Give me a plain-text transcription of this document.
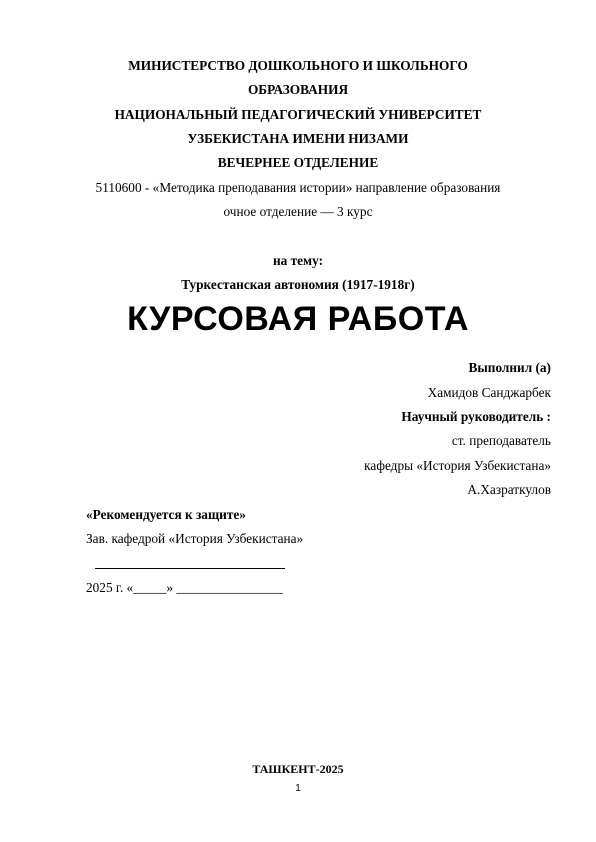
МИНИСТЕРСТВО ДОШКОЛЬНОГО И ШКОЛЬНОГО
ОБРАЗОВАНИЯ
НАЦИОНАЛЬНЫЙ ПЕДАГОГИЧЕСКИЙ УНИВЕРСИТЕТ
УЗБЕКИСТАНА ИМЕНИ НИЗАМИ
ВЕЧЕРНЕЕ ОТДЕЛЕНИЕ
5110600 - «Методика преподавания истории» направление образования
очное отделение — 3 курс
на тему:
Туркестанская автономия (1917-1918г)
КУРСОВАЯ РАБОТА
Выполнил (а)
Хамидов Санджарбек
Научный руководитель :
ст. преподаватель
кафедры «История Узбекистана»
А.Хазраткулов
«Рекомендуется к защите»
Зав. кафедрой «История Узбекистана»
2025 г. «_____» ________________
ТАШКЕНТ-2025
1
